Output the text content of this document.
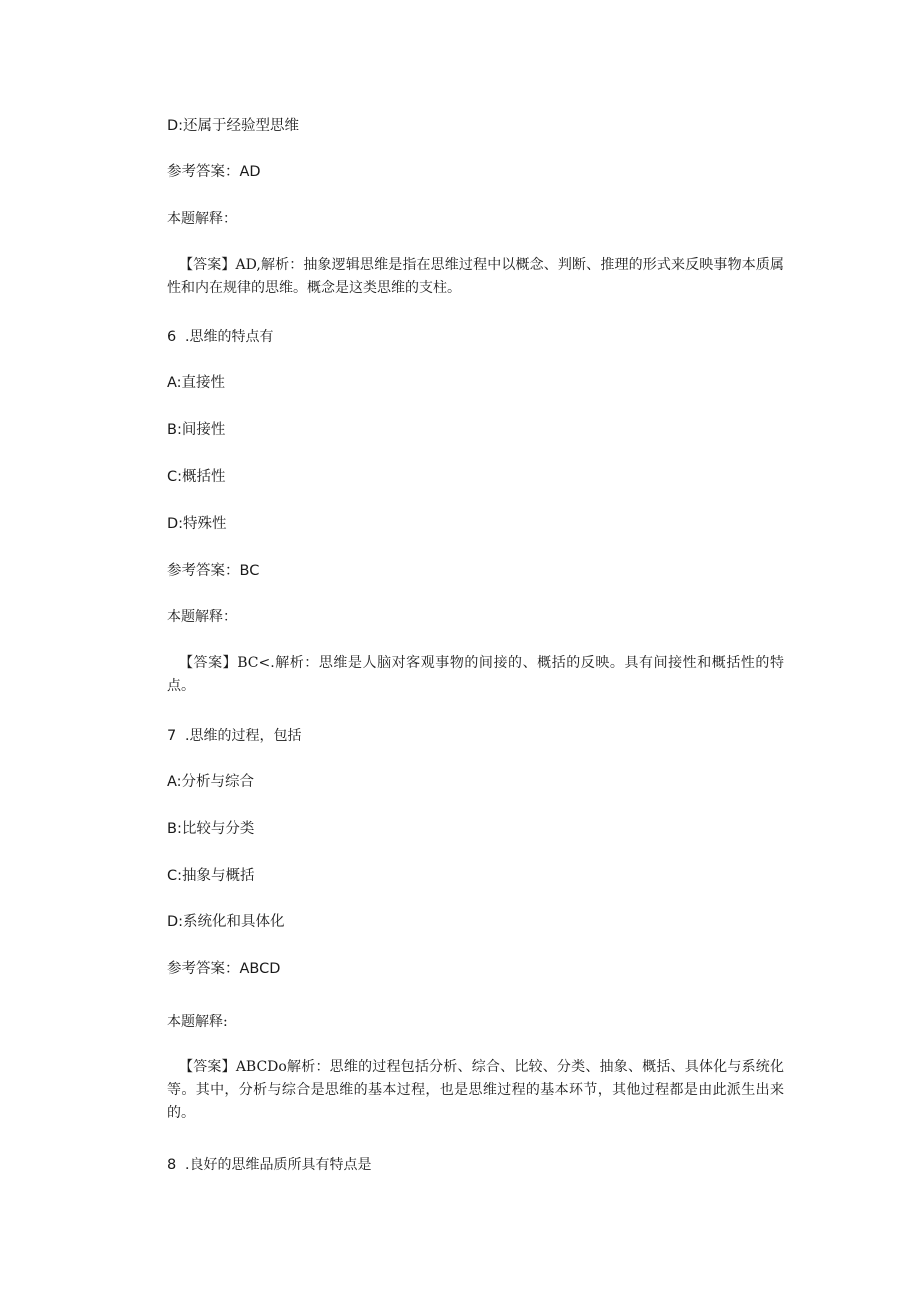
D:还属于经验型思维
参考答案：AD
本题解释：
【答案】AD,解析：抽象逻辑思维是指在思维过程中以概念、判断、推理的形式来反映事物本质属性和内在规律的思维。概念是这类思维的支柱。
6 .思维的特点有
A:直接性
B:间接性
C:概括性
D:特殊性
参考答案：BC
本题解释：
【答案】BC<.解析：思维是人脑对客观事物的间接的、概括的反映。具有间接性和概括性的特点。
7 .思维的过程，包括
A:分析与综合
B:比较与分类
C:抽象与概括
D:系统化和具体化
参考答案：ABCD
本题解释:
【答案】ABCDo解析：思维的过程包括分析、综合、比较、分类、抽象、概括、具体化与系统化等。其中，分析与综合是思维的基本过程，也是思维过程的基本环节，其他过程都是由此派生出来的。
8 .良好的思维品质所具有特点是
